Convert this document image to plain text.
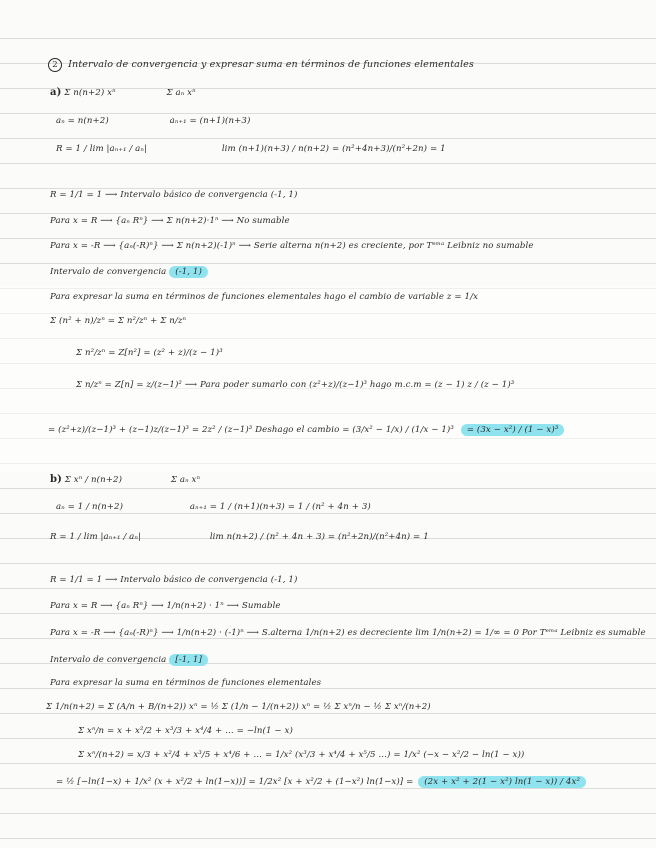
2 Intervalo de convergencia y expresar suma en términos de funciones elementales
a) Σ n(n+2) xⁿ	Σ aₙ xⁿ
aₙ = n(n+2)	aₙ₊₁ = (n+1)(n+3)
R = 1 / lim |aₙ₊₁ / aₙ|	lim (n+1)(n+3) / n(n+2) = (n²+4n+3)/(n²+2n) = 1
R = 1/1 = 1 ⟶ Intervalo básico de convergencia (-1, 1)
Para x = R ⟶ {aₙ Rⁿ} ⟶ Σ n(n+2)·1ⁿ ⟶ No sumable
Para x = -R ⟶ {aₙ(-R)ⁿ} ⟶ Σ n(n+2)(-1)ⁿ ⟶ Serie alterna n(n+2) es creciente, por Tᵉᵐᵃ Leibniz no sumable
Intervalo de convergencia (-1, 1)
Para expresar la suma en términos de funciones elementales hago el cambio de variable z = 1/x
Σ (n² + n)/zⁿ = Σ n²/zⁿ + Σ n/zⁿ
Σ n²/zⁿ = Z[n²] = (z² + z)/(z − 1)³
Σ n/zⁿ = Z[n] = z/(z−1)² ⟶ Para poder sumarlo con (z²+z)/(z−1)³ hago m.c.m = (z − 1) z / (z − 1)³
= (z²+z)/(z−1)³ + (z−1)z/(z−1)³ = 2z² / (z−1)³ Deshago el cambio = (3/x² − 1/x) / (1/x − 1)³ = (3x − x²) / (1 − x)³
b) Σ xⁿ / n(n+2)	Σ aₙ xⁿ
aₙ = 1 / n(n+2)	aₙ₊₁ = 1 / (n+1)(n+3) = 1 / (n² + 4n + 3)
R = 1 / lim |aₙ₊₁ / aₙ|	lim n(n+2) / (n² + 4n + 3) = (n²+2n)/(n²+4n) = 1
R = 1/1 = 1 ⟶ Intervalo básico de convergencia (-1, 1)
Para x = R ⟶ {aₙ Rⁿ} ⟶ 1/n(n+2) · 1ⁿ ⟶ Sumable
Para x = -R ⟶ {aₙ(-R)ⁿ} ⟶ 1/n(n+2) · (-1)ⁿ ⟶ S.alterna 1/n(n+2) es decreciente lim 1/n(n+2) = 1/∞ = 0 Por Tᵉᵐᵃ Leibniz es sumable
Intervalo de convergencia [-1, 1]
Para expresar la suma en términos de funciones elementales
Σ 1/n(n+2) = Σ (A/n + B/(n+2)) xⁿ = ½ Σ (1/n − 1/(n+2)) xⁿ = ½ Σ xⁿ/n − ½ Σ xⁿ/(n+2)
Σ xⁿ/n = x + x²/2 + x³/3 + x⁴/4 + … = −ln(1 − x)
Σ xⁿ/(n+2) = x/3 + x²/4 + x³/5 + x⁴/6 + … = 1/x² (x³/3 + x⁴/4 + x⁵/5 …) = 1/x² (−x − x²/2 − ln(1 − x))
= ½ [−ln(1−x) + 1/x² (x + x²/2 + ln(1−x))] = 1/2x² [x + x²/2 + (1−x²) ln(1−x)] = (2x + x² + 2(1 − x²) ln(1 − x)) / 4x²
